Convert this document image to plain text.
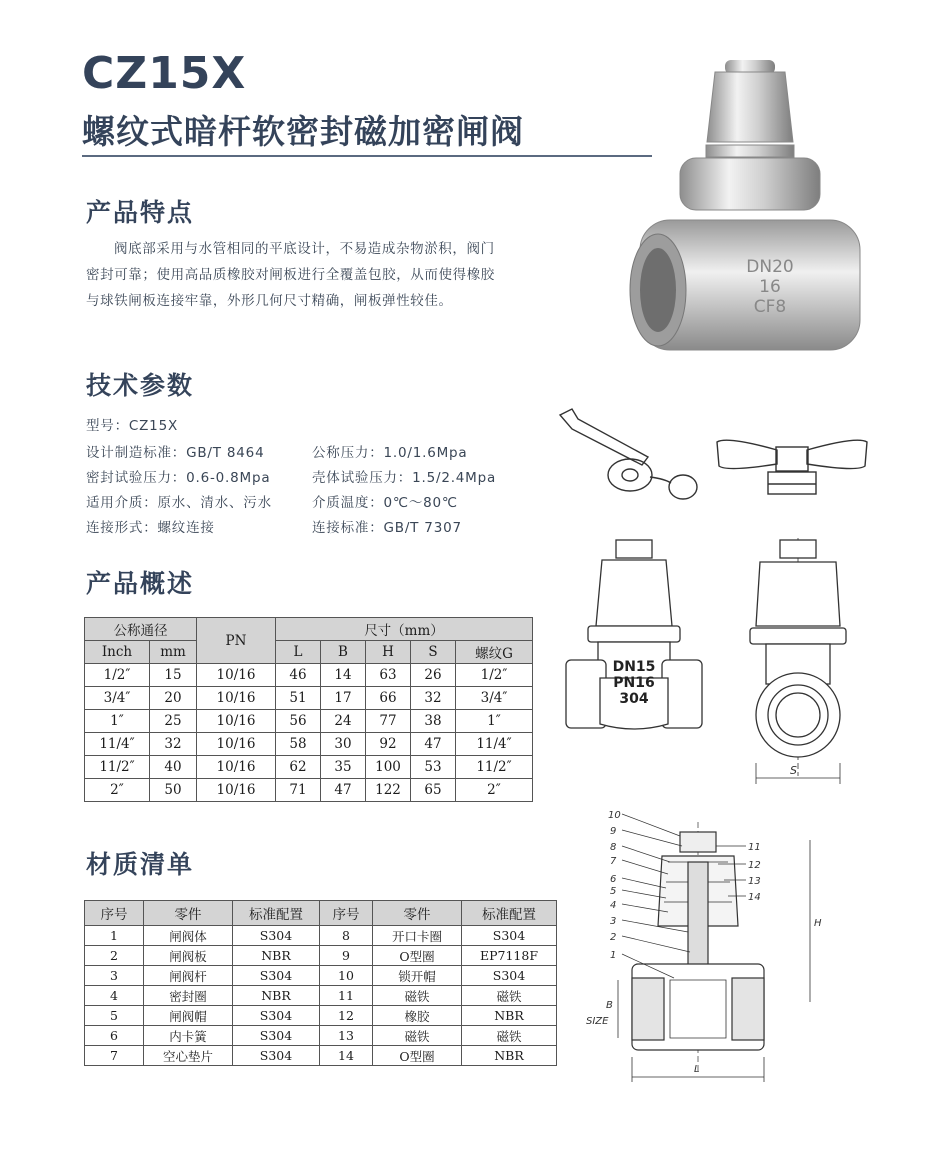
CZ15X
螺纹式暗杆软密封磁加密闸阀
产品特点

阀底部采用与水管相同的平底设计，不易造成杂物淤积，阀门密封可靠；使用高品质橡胶对闸板进行全覆盖包胶，从而使得橡胶与球铁闸板连接牢靠，外形几何尺寸精确，闸板弹性较佳。

技术参数
型号：CZ15X
设计制造标准：GB/T 8464	公称压力：1.0/1.6Mpa
密封试验压力：0.6-0.8Mpa	壳体试验压力：1.5/2.4Mpa
适用介质：原水、清水、污水	介质温度：0℃～80℃
连接形式：螺纹连接	连接标准：GB/T 7307
产品概述
公称通径		PN	尺寸（mm）				
Inch	mm		L	B	H	S	螺纹G
1/2″	15	10/16	46	14	63	26	1/2″
3/4″	20	10/16	51	17	66	32	3/4″
1″	25	10/16	56	24	77	38	1″
11/4″	32	10/16	58	30	92	47	11/4″
11/2″	40	10/16	62	35	100	53	11/2″
2″	50	10/16	71	47	122	65	2″
材质清单
序号	零件	标准配置	序号	零件	标准配置
1	闸阀体	S304	8	开口卡圈	S304
2	闸阀板	NBR	9	O型圈	EP7118F
3	闸阀杆	S304	10	锁开帽	S304
4	密封圈	NBR	11	磁铁	磁铁
5	闸阀帽	S304	12	橡胶	NBR
6	内卡簧	S304	13	磁铁	磁铁
7	空心垫片	S304	14	O型圈	NBR
DN20
16
CF8
DN15
PN16
304
S
10
9
8
7
6
5
4
3
2
1
11
12
13
14
H
B
SIZE
L
